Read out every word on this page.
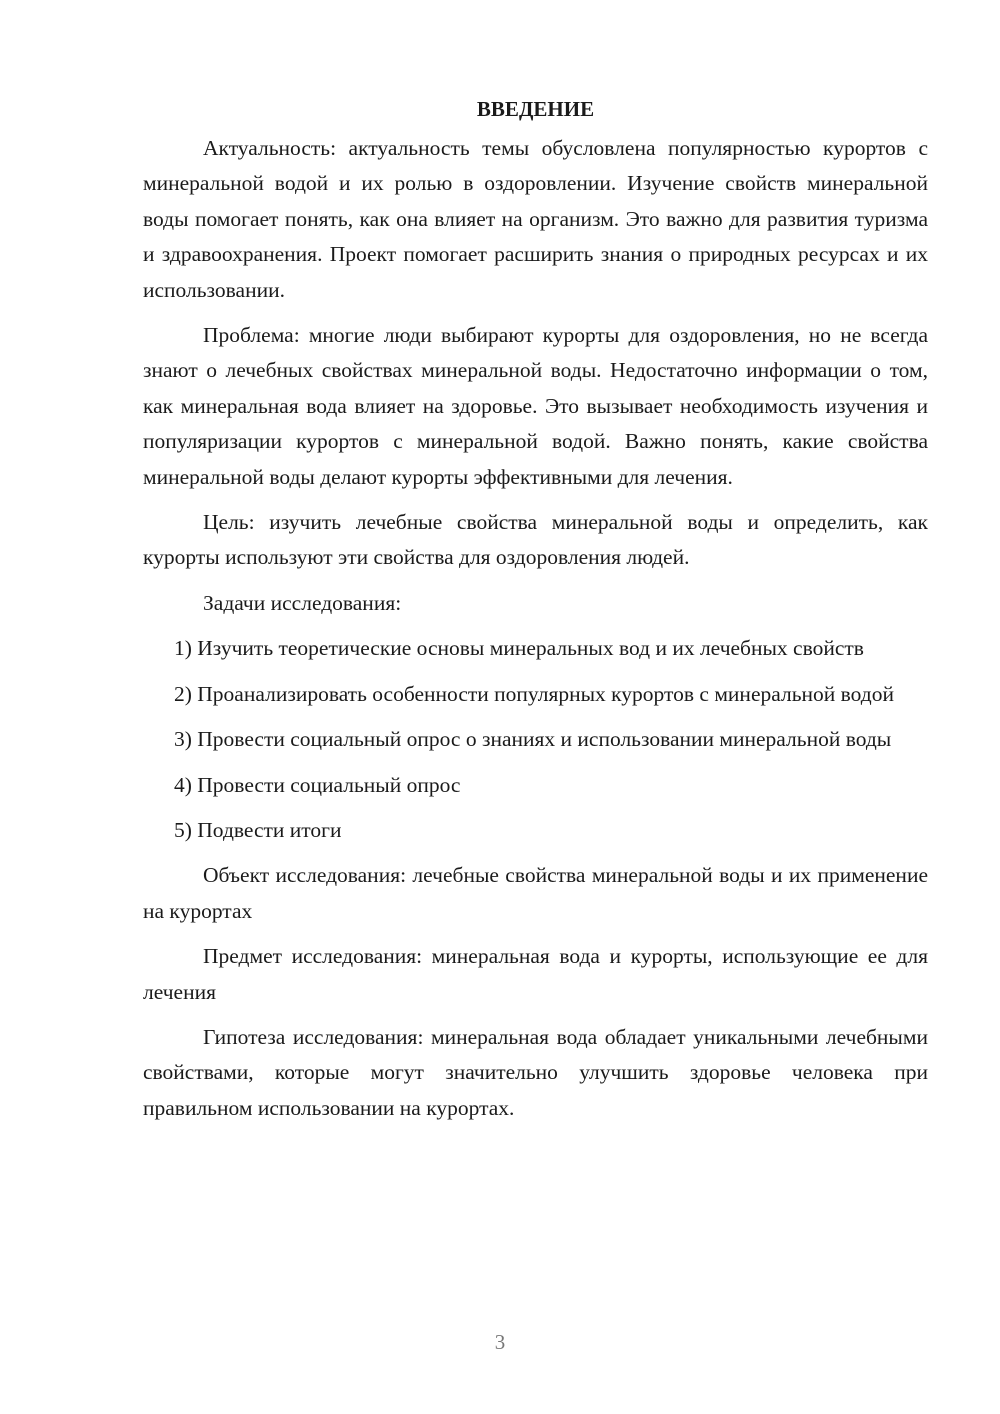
ВВЕДЕНИЕ

Актуальность: актуальность темы обусловлена популярностью курортов с минеральной водой и их ролью в оздоровлении. Изучение свойств минеральной воды помогает понять, как она влияет на организм. Это важно для развития туризма и здравоохранения. Проект помогает расширить знания о природных ресурсах и их использовании.

Проблема: многие люди выбирают курорты для оздоровления, но не всегда знают о лечебных свойствах минеральной воды. Недостаточно информации о том, как минеральная вода влияет на здоровье. Это вызывает необходимость изучения и популяризации курортов с минеральной водой. Важно понять, какие свойства минеральной воды делают курорты эффективными для лечения.

Цель: изучить лечебные свойства минеральной воды и определить, как курорты используют эти свойства для оздоровления людей.

Задачи исследования:

1) Изучить теоретические основы минеральных вод и их лечебных свойств

2) Проанализировать особенности популярных курортов с минеральной водой

3) Провести социальный опрос о знаниях и использовании минеральной воды

4) Провести социальный опрос

5) Подвести итоги

Объект исследования: лечебные свойства минеральной воды и их применение на курортах

Предмет исследования: минеральная вода и курорты, использующие ее для лечения

Гипотеза исследования: минеральная вода обладает уникальными лечебными свойствами, которые могут значительно улучшить здоровье человека при правильном использовании на курортах.

3
